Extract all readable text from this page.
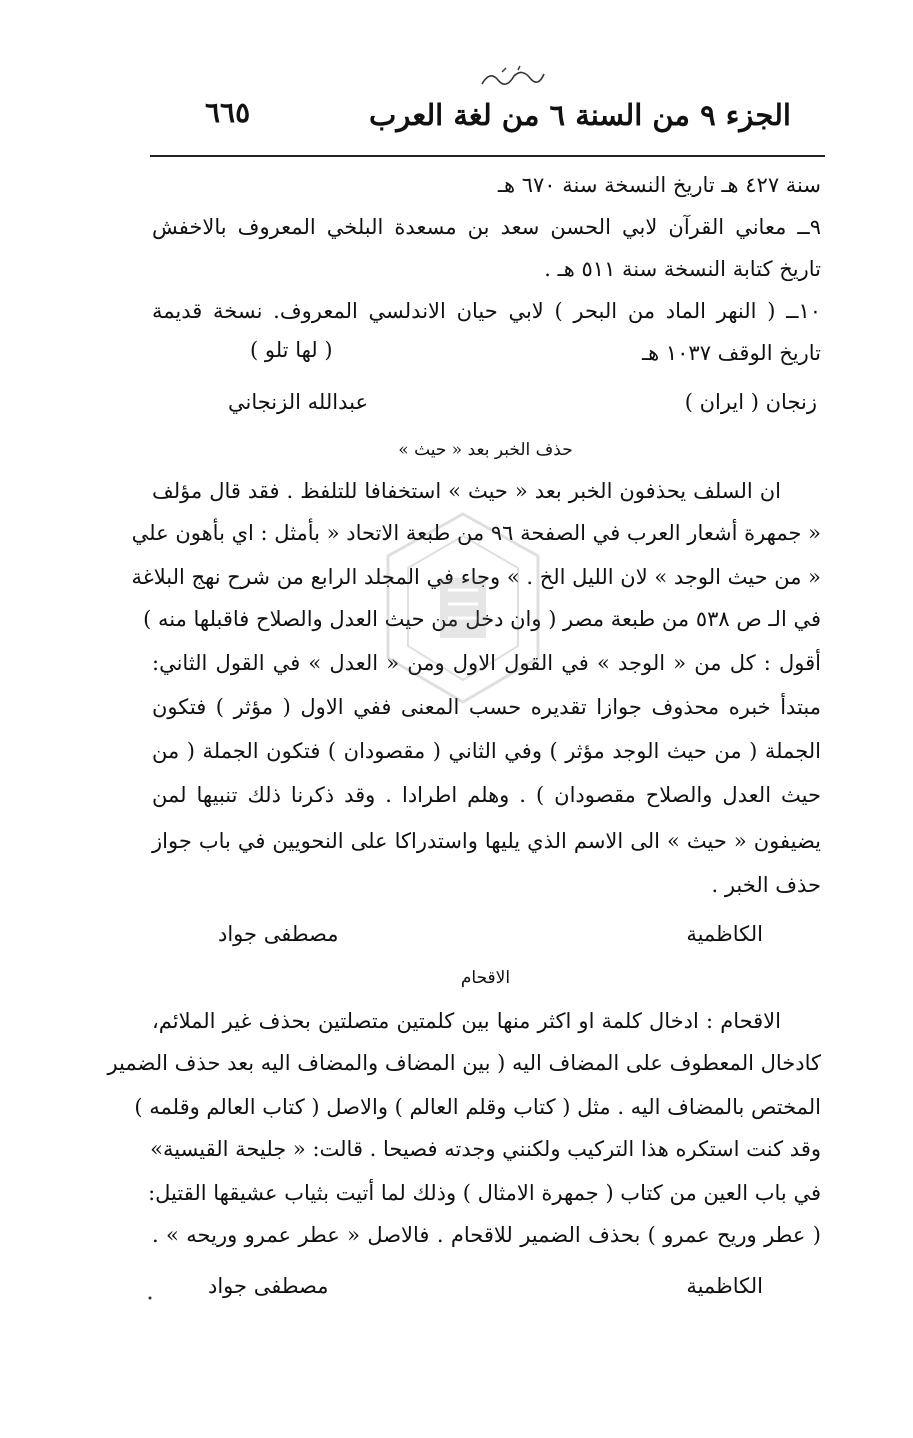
الجزء ٩ من السنة ٦ من لغة العرب
٦٦٥
سنة ٤٢٧ هـ تاريخ النسخة سنة ٦٧٠ هـ
٩ــ معاني القرآن لابي الحسن سعد بن مسعدة البلخي المعروف بالاخفش
تاريخ كتابة النسخة سنة ٥١١ هـ .
١٠ــ ( النهر الماد من البحر ) لابي حيان الاندلسي المعروف. نسخة قديمة
تاريخ الوقف ١٠٣٧ هـ
( لها تلو )
زنجان ( ايران )
عبدالله الزنجاني
حذف الخبر بعد « حيث »
ان السلف يحذفون الخبر بعد « حيث » استخفافا للتلفظ . فقد قال مؤلف
« جمهرة أشعار العرب في الصفحة ٩٦ من طبعة الاتحاد « بأمثل : اي بأهون علي
« من حيث الوجد » لان الليل الخ . » وجاء في المجلد الرابع من شرح نهج البلاغة
في الـ ص ٥٣٨ من طبعة مصر ( وان دخل من حيث العدل والصلاح فاقبلها منه )
أقول : كل من « الوجد » في القول الاول ومن « العدل » في القول الثاني:
مبتدأ خبره محذوف جوازا تقديره حسب المعنى ففي الاول ( مؤثر ) فتكون
الجملة ( من حيث الوجد مؤثر ) وفي الثاني ( مقصودان ) فتكون الجملة ( من
حيث العدل والصلاح مقصودان ) . وهلم اطرادا . وقد ذكرنا ذلك تنبيها لمن
يضيفون « حيث » الى الاسم الذي يليها واستدراكا على النحويين في باب جواز
حذف الخبر .
الكاظمية
مصطفى جواد
الاقحام
الاقحام : ادخال كلمة او اكثر منها بين كلمتين متصلتين بحذف غير الملائم،
كادخال المعطوف على المضاف اليه ( بين المضاف والمضاف اليه بعد حذف الضمير
المختص بالمضاف اليه . مثل ( كتاب وقلم العالم ) والاصل ( كتاب العالم وقلمه )
وقد كنت استكره هذا التركيب ولكنني وجدته فصيحا . قالت: « جليحة القيسية»
في باب العين من كتاب ( جمهرة الامثال ) وذلك لما أتيت بثياب عشيقها القتيل:
( عطر وريح عمرو ) بحذف الضمير للاقحام . فالاصل « عطر عمرو وريحه » .
الكاظمية
مصطفى جواد
